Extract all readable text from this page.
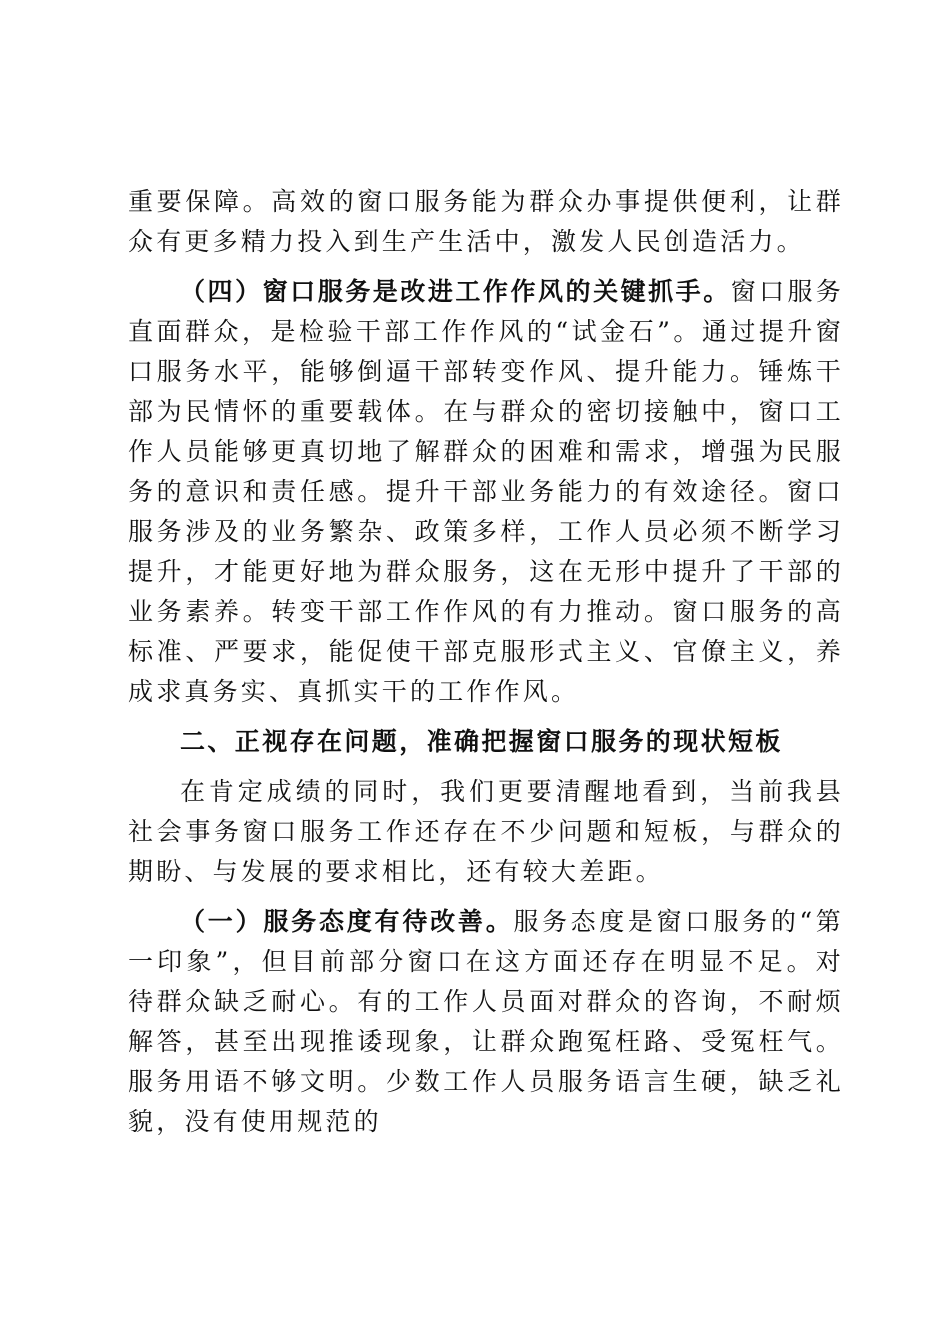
重要保障。高效的窗口服务能为群众办事提供便利，让群众有更多精力投入到生产生活中，激发人民创造活力。

（四）窗口服务是改进工作作风的关键抓手。窗口服务直面群众，是检验干部工作作风的“试金石”。通过提升窗口服务水平，能够倒逼干部转变作风、提升能力。锤炼干部为民情怀的重要载体。在与群众的密切接触中，窗口工作人员能够更真切地了解群众的困难和需求，增强为民服务的意识和责任感。提升干部业务能力的有效途径。窗口服务涉及的业务繁杂、政策多样，工作人员必须不断学习提升，才能更好地为群众服务，这在无形中提升了干部的业务素养。转变干部工作作风的有力推动。窗口服务的高标准、严要求，能促使干部克服形式主义、官僚主义，养成求真务实、真抓实干的工作作风。

二、正视存在问题，准确把握窗口服务的现状短板

在肯定成绩的同时，我们更要清醒地看到，当前我县社会事务窗口服务工作还存在不少问题和短板，与群众的期盼、与发展的要求相比，还有较大差距。

（一）服务态度有待改善。服务态度是窗口服务的“第一印象”，但目前部分窗口在这方面还存在明显不足。对待群众缺乏耐心。有的工作人员面对群众的咨询，不耐烦解答，甚至出现推诿现象，让群众跑冤枉路、受冤枉气。服务用语不够文明。少数工作人员服务语言生硬，缺乏礼貌，没有使用规范的
